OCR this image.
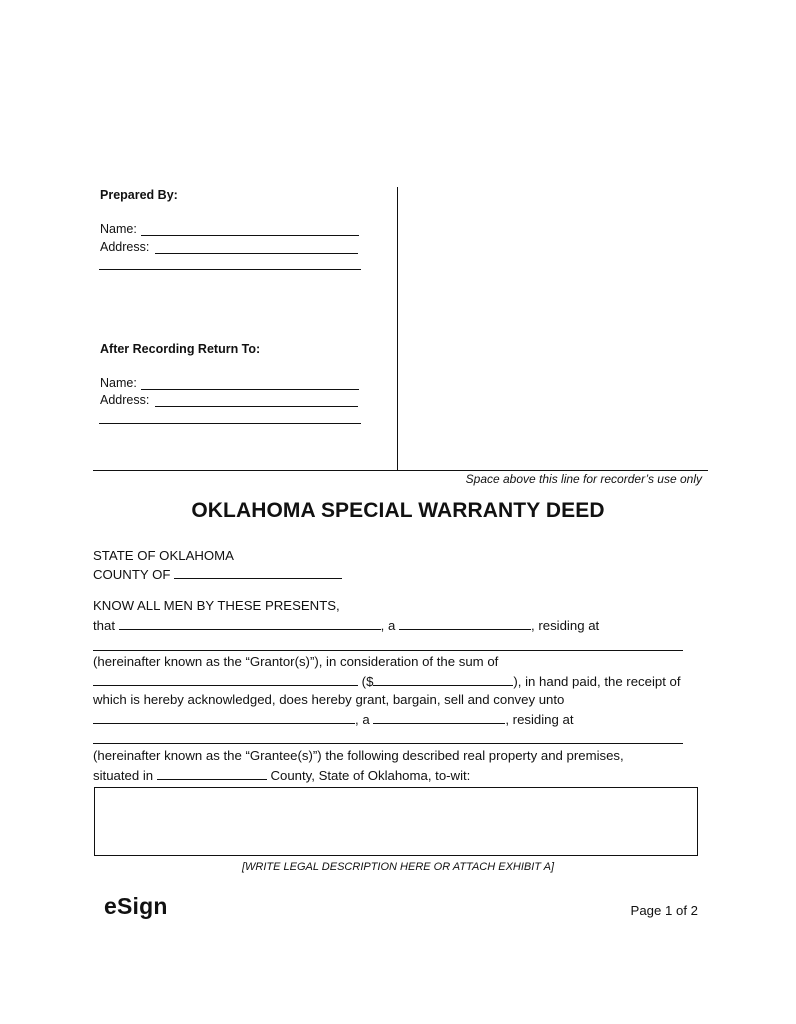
Prepared By:
Name:
Address:
After Recording Return To:
Name:
Address:
Space above this line for recorder’s use only
OKLAHOMA SPECIAL WARRANTY DEED
STATE OF OKLAHOMA
COUNTY OF
KNOW ALL MEN BY THESE PRESENTS,
that	, a	, residing at
(hereinafter known as the “Grantor(s)”), in consideration of the sum of
($	), in hand paid, the receipt of
which is hereby acknowledged, does hereby grant, bargain, sell and convey unto
, a	, residing at
(hereinafter known as the “Grantee(s)”) the following described real property and premises,
situated in	County, State of Oklahoma, to-wit:
[WRITE LEGAL DESCRIPTION HERE OR ATTACH EXHIBIT A]
eSign	Page 1 of 2
